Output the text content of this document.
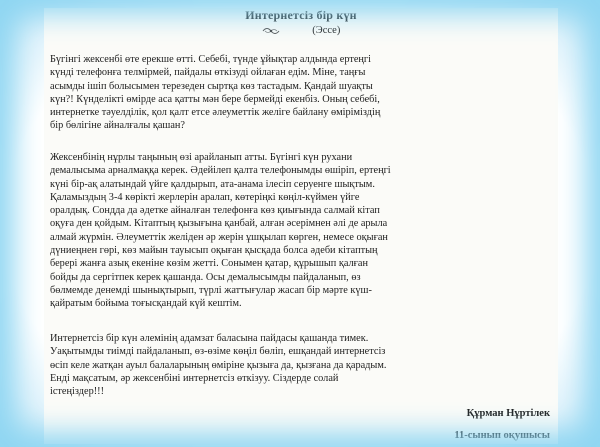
Интернетсіз бір күн
(Эссе)
Бүгінгі жексенбі өте ерекше өтті. Себебі, түнде ұйықтар алдында ертеңгі
күнді телефонға телмірмей, пайдалы өткізуді ойлаған едім. Міне, таңғы
асымды ішіп болысымен терезеден сыртқа көз тастадым. Қандай шуақты
күн?! Күнделікті өмірде аса қатты мән бере бермейді екенбіз. Оның себебі,
интернетке тәуелділік, қол қалт етсе әлеуметтік желіге байлану өміріміздің
бір бөлігіне айналғалы қашан?
Жексенбінің нұрлы таңының өзі арайланып атты. Бүгінгі күн рухани
демалысыма арналмаққа керек. Әдейілеп қалта телефонымды өшіріп, ертеңгі
күні бір-ақ алатындай үйге қалдырып, ата-анама ілесіп серуенге шықтым.
Қаламыздың 3-4 көрікті жерлерін аралап, көтеріңкі көңіл-күймен үйге
оралдық. Сондда да әдетке айналған телефонға көз қиығында салмай кітап
оқуға ден қойдым. Кітаптың қызығына қанбай, алған әсерімнен әлі де арыла
алмай жүрмін. Әлеуметтік желіден әр жерін ұшқылап көрген, немесе оқыған
дүниеңнен гөрі, көз майын тауысып оқыған қысқада болса әдеби кітаптың
берері жанға азық екеніне көзім жетті. Сонымен қатар, құрышып қалған
бойды да сергітпек керек қашанда. Осы демалысымды пайдаланып, өз
бөлмемде денемді шынықтырып, түрлі жаттығулар жасап бір мәрте күш-
қайратым бойыма тоғысқандай күй кештім.
Интернетсіз бір күн әлемінің адамзат баласына пайдасы қашанда тимек.
Уақытымды тиімді пайдаланып, өз-өзіме көңіл бөліп, ешқандай интернетсіз
өсіп келе жатқан ауыл балаларының өміріне қызыға да, қызғана да қарадым.
Енді мақсатым, әр жексенбіні интернетсіз өткізуу. Сіздерде солай
істеңіздер!!!
Құрман Нұртілек
11-сынып оқушысы
